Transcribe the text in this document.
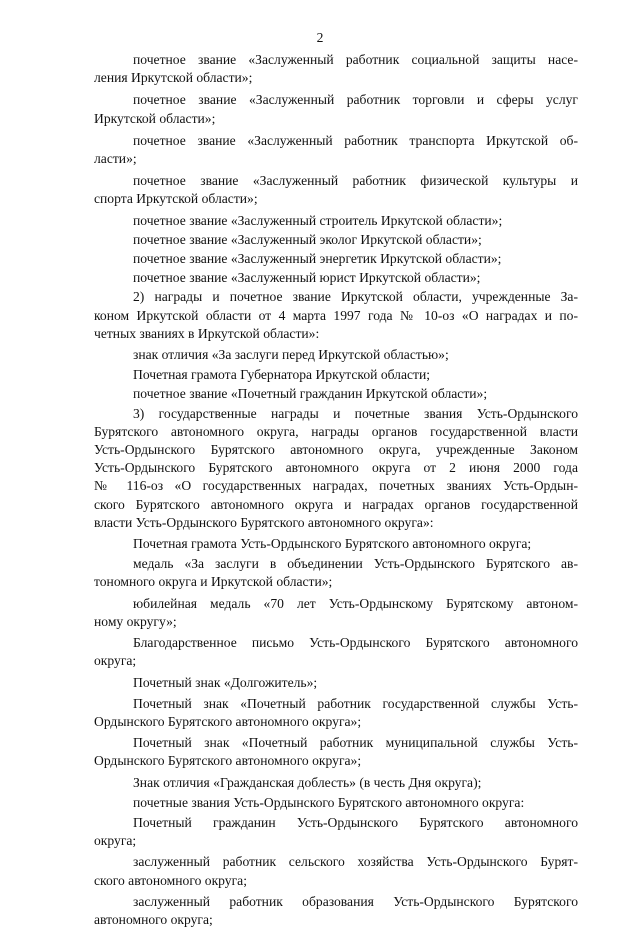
2
почетное звание «Заслуженный работник социальной защиты насе-
ления Иркутской области»;
почетное звание «Заслуженный работник торговли и сферы услуг
Иркутской области»;
почетное звание «Заслуженный работник транспорта Иркутской об-
ласти»;
почетное звание «Заслуженный работник физической культуры и
спорта Иркутской области»;
почетное звание «Заслуженный строитель Иркутской области»;
почетное звание «Заслуженный эколог Иркутской области»;
почетное звание «Заслуженный энергетик Иркутской области»;
почетное звание «Заслуженный юрист Иркутской области»;
2) награды и почетное звание Иркутской области, учрежденные За-
коном Иркутской области от 4 марта 1997 года № 10-оз «О наградах и по-
четных званиях в Иркутской области»:
знак отличия «За заслуги перед Иркутской областью»;
Почетная грамота Губернатора Иркутской области;
почетное звание «Почетный гражданин Иркутской области»;
3) государственные награды и почетные звания Усть-Ордынского
Бурятского автономного округа, награды органов государственной власти
Усть-Ордынского Бурятского автономного округа, учрежденные Законом
Усть-Ордынского Бурятского автономного округа от 2 июня 2000 года
№ 116-оз «О государственных наградах, почетных званиях Усть-Ордын-
ского Бурятского автономного округа и наградах органов государственной
власти Усть-Ордынского Бурятского автономного округа»:
Почетная грамота Усть-Ордынского Бурятского автономного округа;
медаль «За заслуги в объединении Усть-Ордынского Бурятского ав-
тономного округа и Иркутской области»;
юбилейная медаль «70 лет Усть-Ордынскому Бурятскому автоном-
ному округу»;
Благодарственное письмо Усть-Ордынского Бурятского автономного
округа;
Почетный знак «Долгожитель»;
Почетный знак «Почетный работник государственной службы Усть-
Ордынского Бурятского автономного округа»;
Почетный знак «Почетный работник муниципальной службы Усть-
Ордынского Бурятского автономного округа»;
Знак отличия «Гражданская доблесть» (в честь Дня округа);
почетные звания Усть-Ордынского Бурятского автономного округа:
Почетный гражданин Усть-Ордынского Бурятского автономного
округа;
заслуженный работник сельского хозяйства Усть-Ордынского Бурят-
ского автономного округа;
заслуженный работник образования Усть-Ордынского Бурятского
автономного округа;
